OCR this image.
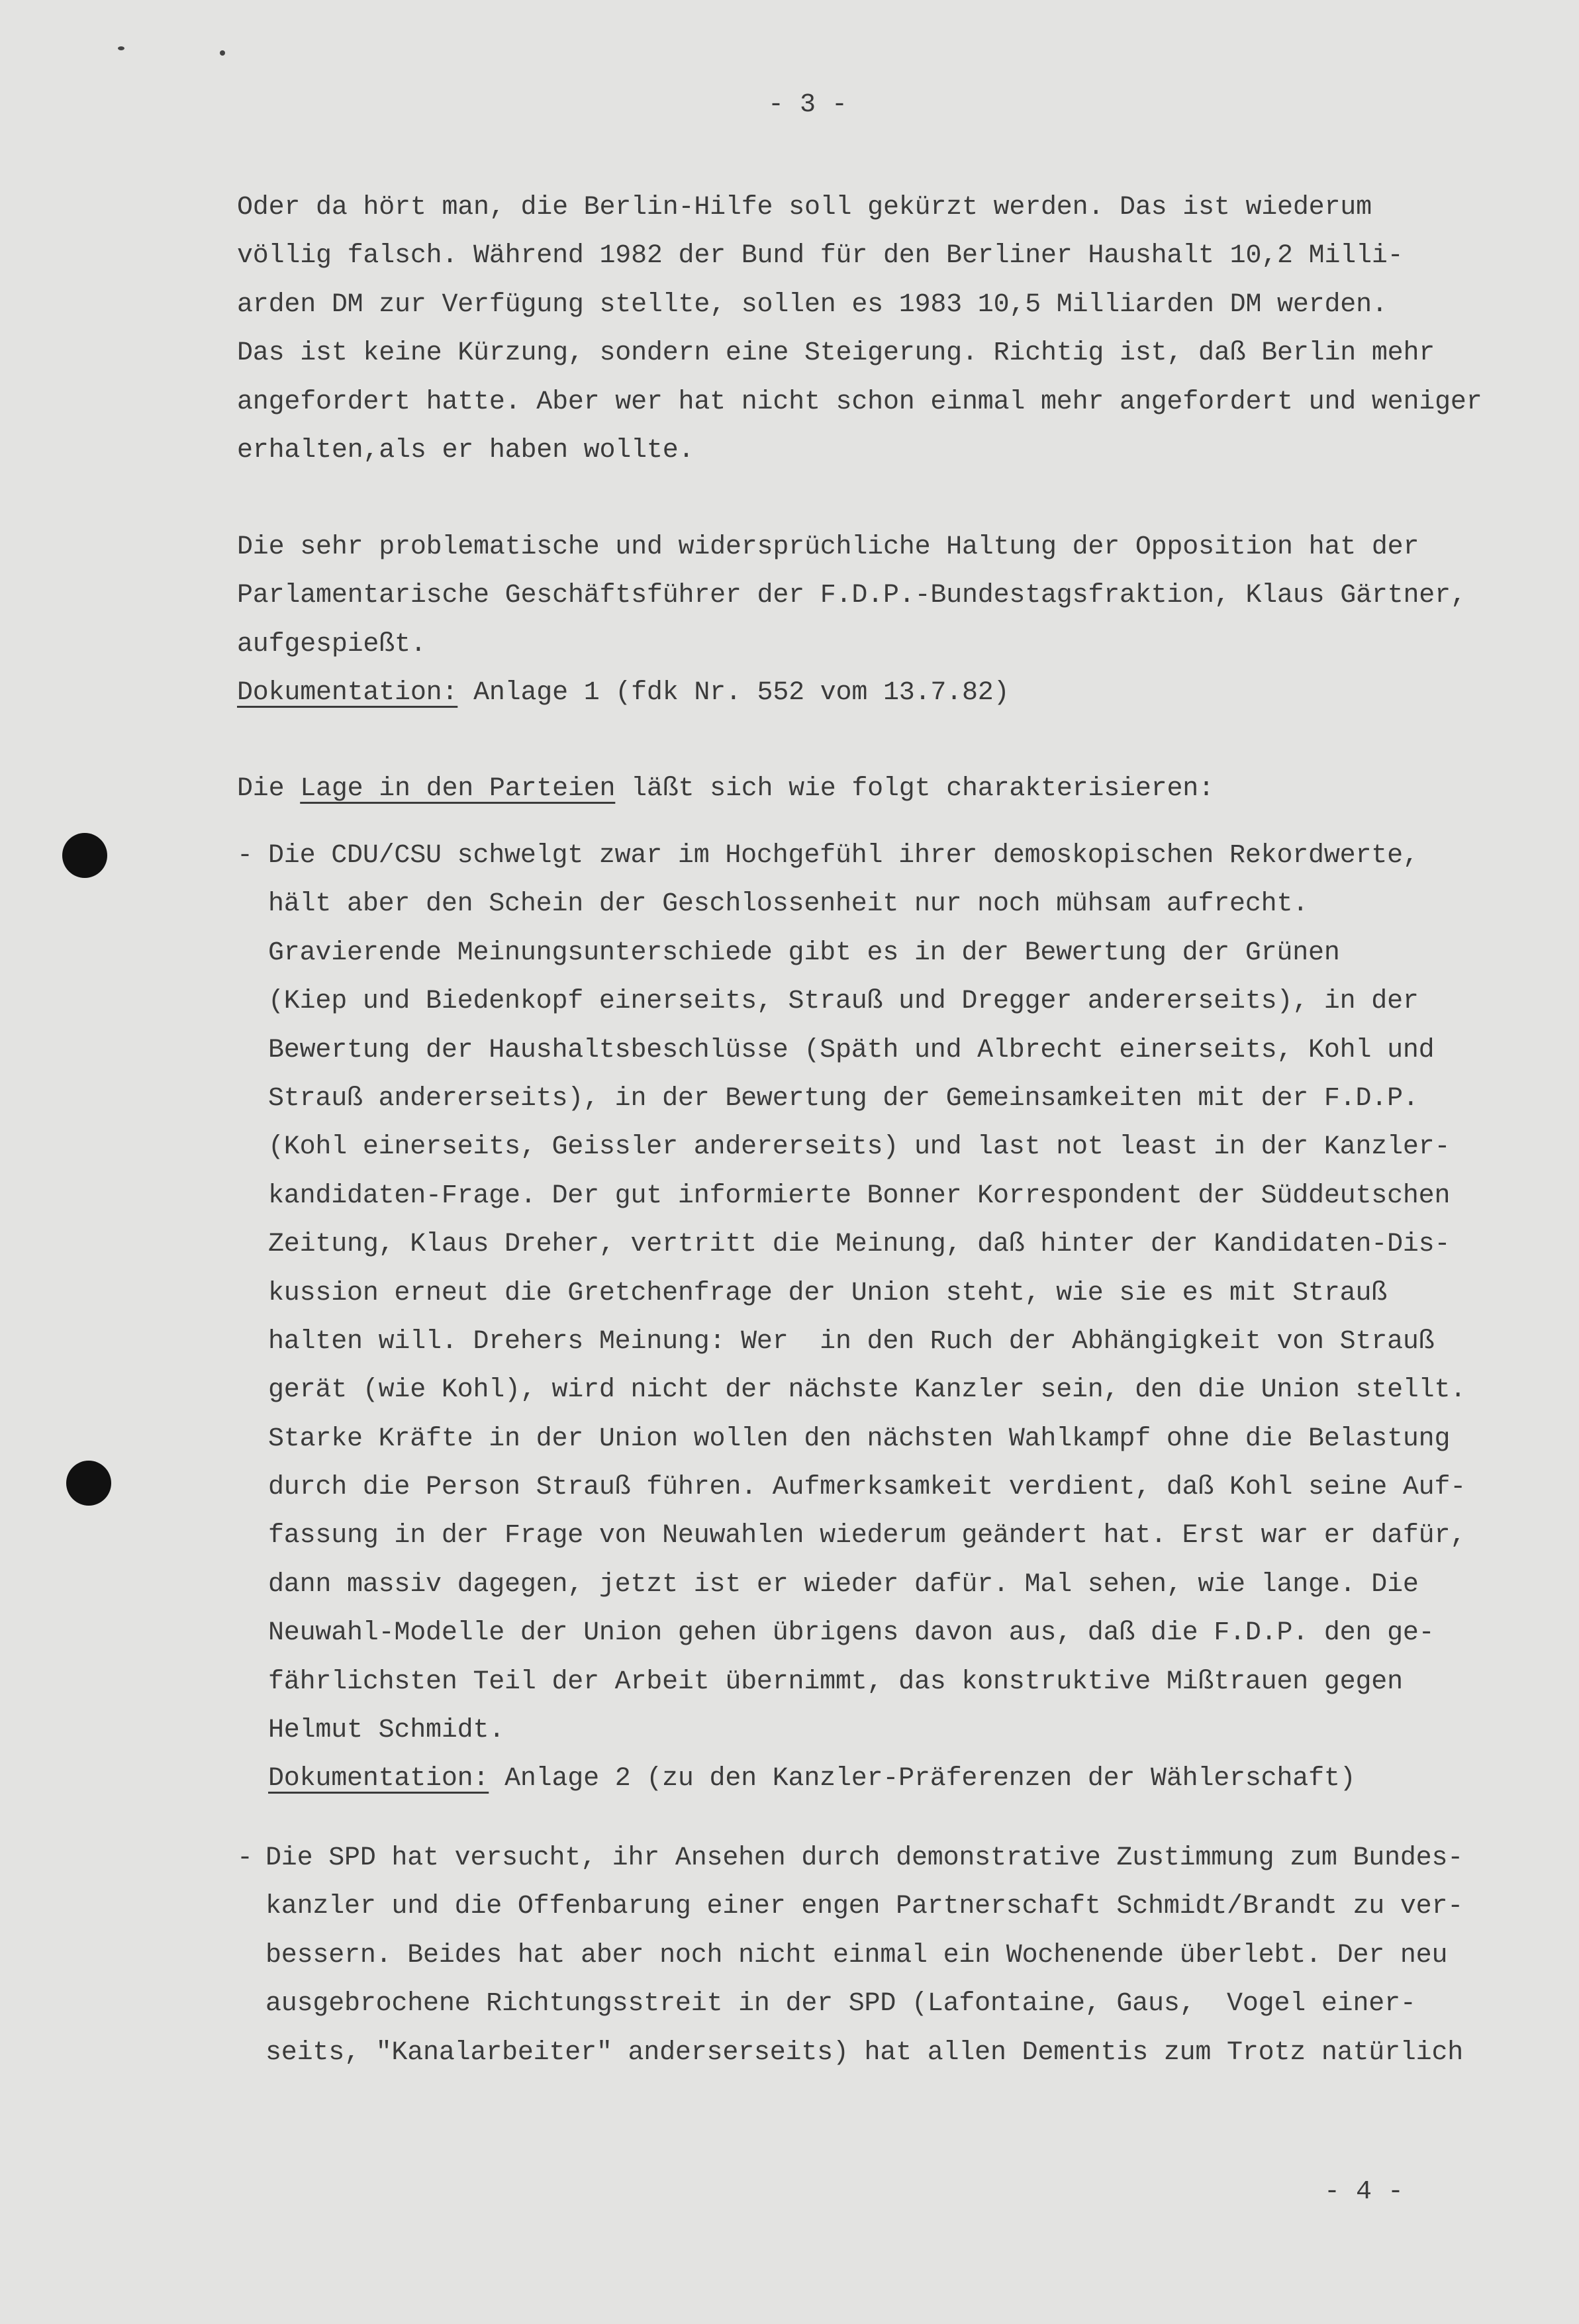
- 3 -
Oder da hört man, die Berlin-Hilfe soll gekürzt werden. Das ist wiederum
völlig falsch. Während 1982 der Bund für den Berliner Haushalt 10,2 Milli-
arden DM zur Verfügung stellte, sollen es 1983 10,5 Milliarden DM werden.
Das ist keine Kürzung, sondern eine Steigerung. Richtig ist, daß Berlin mehr
angefordert hatte. Aber wer hat nicht schon einmal mehr angefordert und weniger
erhalten,als er haben wollte.
Die sehr problematische und widersprüchliche Haltung der Opposition hat der
Parlamentarische Geschäftsführer der F.D.P.-Bundestagsfraktion, Klaus Gärtner,
aufgespießt.
Dokumentation: Anlage 1 (fdk Nr. 552 vom 13.7.82)
Die Lage in den Parteien läßt sich wie folgt charakterisieren:
- Die CDU/CSU schwelgt zwar im Hochgefühl ihrer demoskopischen Rekordwerte,
hält aber den Schein der Geschlossenheit nur noch mühsam aufrecht.
Gravierende Meinungsunterschiede gibt es in der Bewertung der Grünen
(Kiep und Biedenkopf einerseits, Strauß und Dregger andererseits), in der
Bewertung der Haushaltsbeschlüsse (Späth und Albrecht einerseits, Kohl und
Strauß andererseits), in der Bewertung der Gemeinsamkeiten mit der F.D.P.
(Kohl einerseits, Geissler andererseits) und last not least in der Kanzler-
kandidaten-Frage. Der gut informierte Bonner Korrespondent der Süddeutschen
Zeitung, Klaus Dreher, vertritt die Meinung, daß hinter der Kandidaten-Dis-
kussion erneut die Gretchenfrage der Union steht, wie sie es mit Strauß
halten will. Drehers Meinung: Wer  in den Ruch der Abhängigkeit von Strauß
gerät (wie Kohl), wird nicht der nächste Kanzler sein, den die Union stellt.
Starke Kräfte in der Union wollen den nächsten Wahlkampf ohne die Belastung
durch die Person Strauß führen. Aufmerksamkeit verdient, daß Kohl seine Auf-
fassung in der Frage von Neuwahlen wiederum geändert hat. Erst war er dafür,
dann massiv dagegen, jetzt ist er wieder dafür. Mal sehen, wie lange. Die
Neuwahl-Modelle der Union gehen übrigens davon aus, daß die F.D.P. den ge-
fährlichsten Teil der Arbeit übernimmt, das konstruktive Mißtrauen gegen
Helmut Schmidt.
Dokumentation: Anlage 2 (zu den Kanzler-Präferenzen der Wählerschaft)
- Die SPD hat versucht, ihr Ansehen durch demonstrative Zustimmung zum Bundes-
kanzler und die Offenbarung einer engen Partnerschaft Schmidt/Brandt zu ver-
bessern. Beides hat aber noch nicht einmal ein Wochenende überlebt. Der neu
ausgebrochene Richtungsstreit in der SPD (Lafontaine, Gaus,  Vogel einer-
seits, "Kanalarbeiter" anderserseits) hat allen Dementis zum Trotz natürlich
- 4 -
